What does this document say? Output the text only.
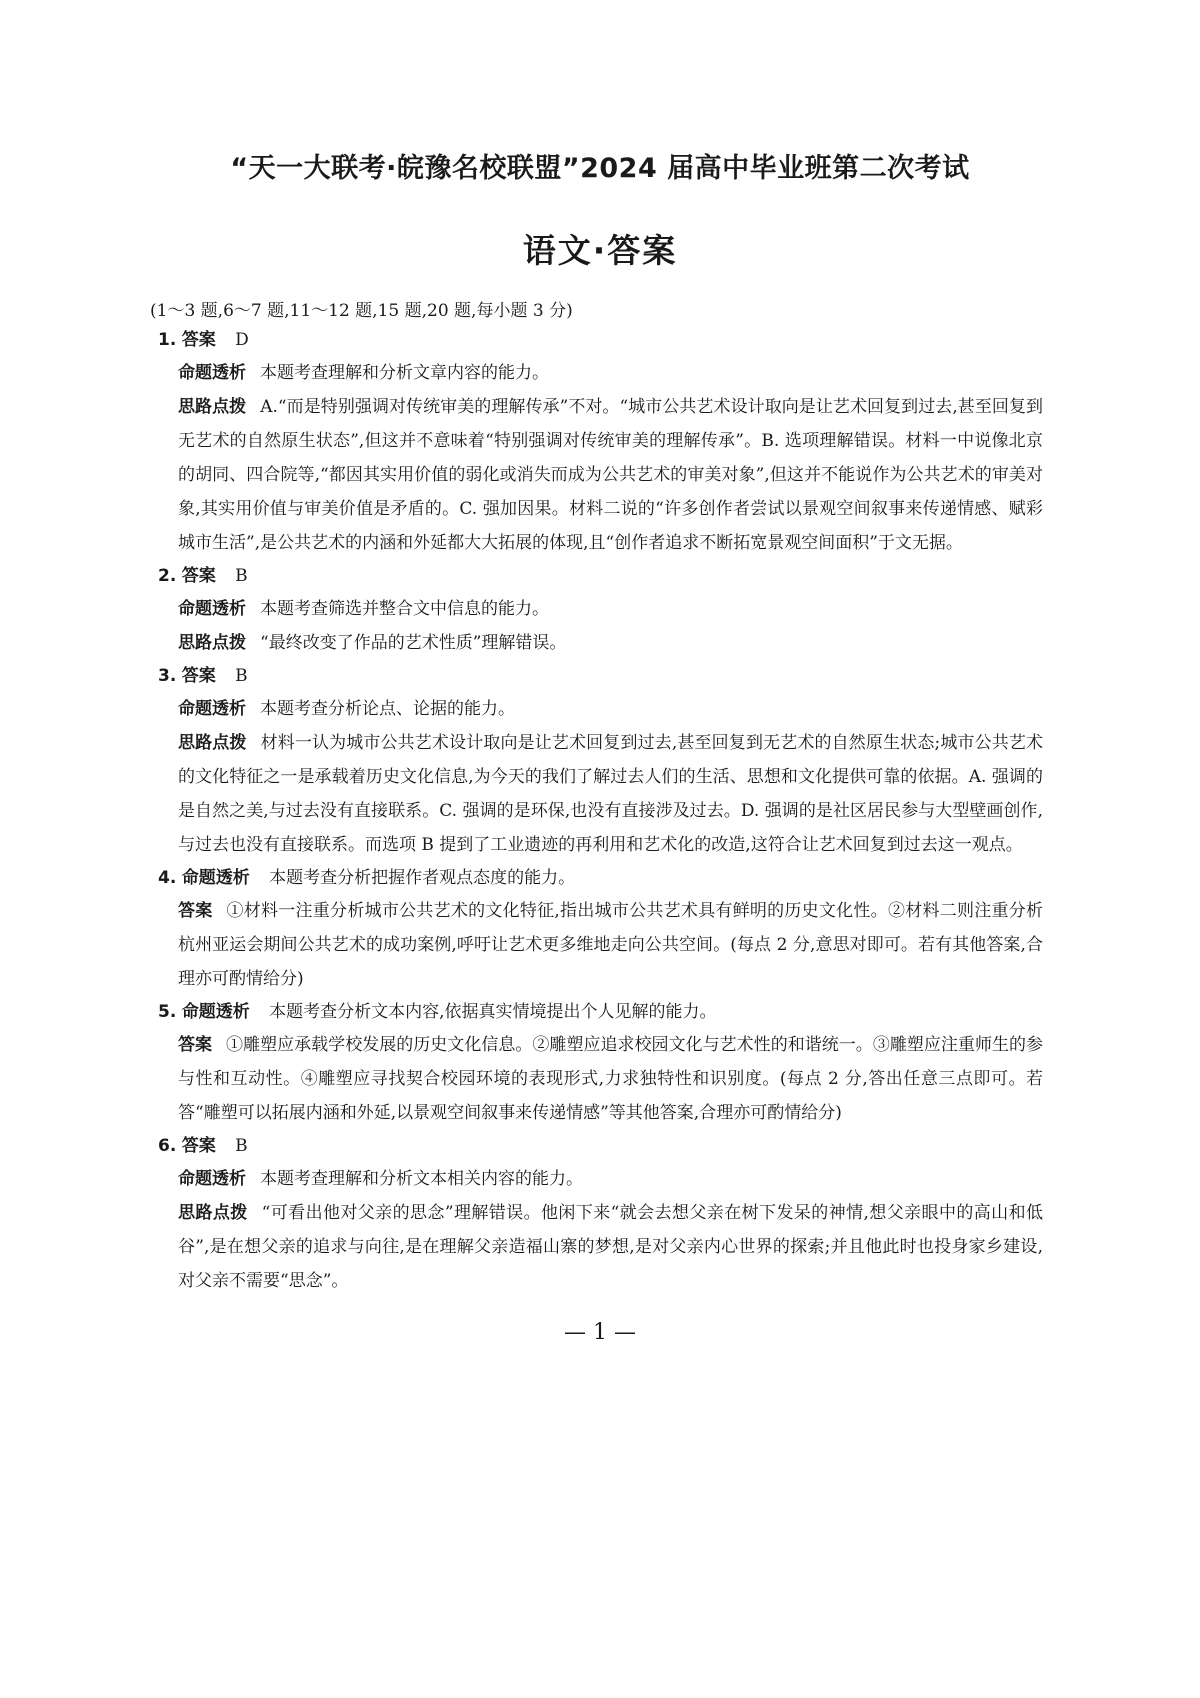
“天一大联考·皖豫名校联盟”2024 届高中毕业班第二次考试
语文·答案
(1～3 题,6～7 题,11～12 题,15 题,20 题,每小题 3 分)
1. 答案 D
命题透析 本题考查理解和分析文章内容的能力。
思路点拨 A.“而是特别强调对传统审美的理解传承”不对。“城市公共艺术设计取向是让艺术回复到过去,甚至回复到无艺术的自然原生状态”,但这并不意味着“特别强调对传统审美的理解传承”。B. 选项理解错误。材料一中说像北京的胡同、四合院等,“都因其实用价值的弱化或消失而成为公共艺术的审美对象”,但这并不能说作为公共艺术的审美对象,其实用价值与审美价值是矛盾的。C. 强加因果。材料二说的“许多创作者尝试以景观空间叙事来传递情感、赋彩城市生活”,是公共艺术的内涵和外延都大大拓展的体现,且“创作者追求不断拓宽景观空间面积”于文无据。
2. 答案 B
命题透析 本题考查筛选并整合文中信息的能力。
思路点拨 “最终改变了作品的艺术性质”理解错误。
3. 答案 B
命题透析 本题考查分析论点、论据的能力。
思路点拨 材料一认为城市公共艺术设计取向是让艺术回复到过去,甚至回复到无艺术的自然原生状态;城市公共艺术的文化特征之一是承载着历史文化信息,为今天的我们了解过去人们的生活、思想和文化提供可靠的依据。A. 强调的是自然之美,与过去没有直接联系。C. 强调的是环保,也没有直接涉及过去。D. 强调的是社区居民参与大型壁画创作,与过去也没有直接联系。而选项 B 提到了工业遗迹的再利用和艺术化的改造,这符合让艺术回复到过去这一观点。
4. 命题透析 本题考查分析把握作者观点态度的能力。
答案 ①材料一注重分析城市公共艺术的文化特征,指出城市公共艺术具有鲜明的历史文化性。②材料二则注重分析杭州亚运会期间公共艺术的成功案例,呼吁让艺术更多维地走向公共空间。(每点 2 分,意思对即可。若有其他答案,合理亦可酌情给分)
5. 命题透析 本题考查分析文本内容,依据真实情境提出个人见解的能力。
答案 ①雕塑应承载学校发展的历史文化信息。②雕塑应追求校园文化与艺术性的和谐统一。③雕塑应注重师生的参与性和互动性。④雕塑应寻找契合校园环境的表现形式,力求独特性和识别度。(每点 2 分,答出任意三点即可。若答“雕塑可以拓展内涵和外延,以景观空间叙事来传递情感”等其他答案,合理亦可酌情给分)
6. 答案 B
命题透析 本题考查理解和分析文本相关内容的能力。
思路点拨 “可看出他对父亲的思念”理解错误。他闲下来“就会去想父亲在树下发呆的神情,想父亲眼中的高山和低谷”,是在想父亲的追求与向往,是在理解父亲造福山寨的梦想,是对父亲内心世界的探索;并且他此时也投身家乡建设,对父亲不需要“思念”。
— 1 —
